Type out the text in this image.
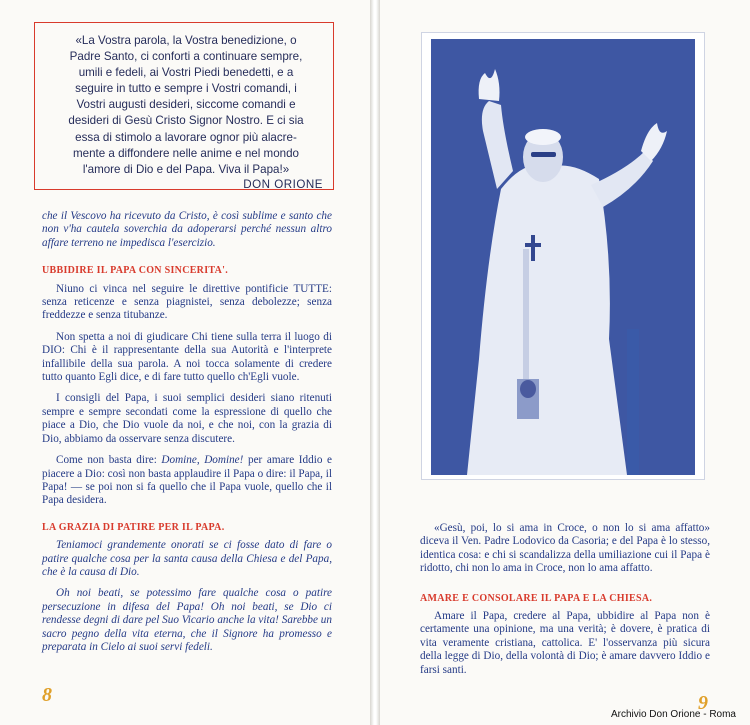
«La Vostra parola, la Vostra benedizione, o

Padre Santo, ci conforti a continuare sempre,

umili e fedeli, ai Vostri Piedi benedetti, e a

seguire in tutto e sempre i Vostri comandi, i

Vostri augusti desideri, siccome comandi e

desideri di Gesù Cristo Signor Nostro. E ci sia

essa di stimolo a lavorare ognor più alacre-

mente a diffondere nelle anime e nel mondo

l'amore di Dio e del Papa. Viva il Papa!»

DON ORIONE

che il Vescovo ha ricevuto da Cristo, è così sublime e santo che non v'ha cautela soverchia da adoperarsi perché nessun altro affare terreno ne impedisca l'esercizio.

UBBIDIRE IL PAPA CON SINCERITA'.

Niuno ci vinca nel seguire le direttive pontificie TUTTE: senza reticenze e senza piagnistei, senza debolezze; senza freddezze e senza titubanze.

Non spetta a noi di giudicare Chi tiene sulla terra il luogo di DIO: Chi è il rappresentante della sua Autorità e l'interprete infallibile della sua parola. A noi tocca solamente di credere tutto quanto Egli dice, e di fare tutto quello ch'Egli vuole.

I consigli del Papa, i suoi semplici desideri siano ritenuti sempre e sempre secondati come la espressione di quello che piace a Dio, che Dio vuole da noi, e che noi, con la grazia di Dio, abbiamo da osservare senza discutere.

Come non basta dire: Domine, Domine! per amare Iddio e piacere a Dio: così non basta applaudire il Papa o dire: il Papa, il Papa! — se poi non si fa quello che il Papa vuole, quello che il Papa desidera.

LA GRAZIA DI PATIRE PER IL PAPA.

Teniamoci grandemente onorati se ci fosse dato di fare o patire qualche cosa per la santa causa della Chiesa e del Papa, che è la causa di Dio.

Oh noi beati, se potessimo fare qualche cosa o patire persecuzione in difesa del Papa! Oh noi beati, se Dio ci rendesse degni di dare pel Suo Vicario anche la vita! Sarebbe un sacro pegno della vita eterna, che il Signore ha promesso e preparata in Cielo ai suoi servi fedeli.

8

«Gesù, poi, lo si ama in Croce, o non lo si ama affatto» diceva il Ven. Padre Lodovico da Casoria; e del Papa è lo stesso, identica cosa: e chi si scandalizza della umiliazione cui il Papa è ridotto, chi non lo ama in Croce, non lo ama affatto.

AMARE E CONSOLARE IL PAPA E LA CHIESA.

Amare il Papa, credere al Papa, ubbidire al Papa non è certamente una opinione, ma una verità; è dovere, è pratica di vita veramente cristiana, cattolica. E' l'osservanza più sicura della legge di Dio, della volontà di Dio; è amare davvero Iddio e farsi santi.

9
Archivio Don Orione - Roma
